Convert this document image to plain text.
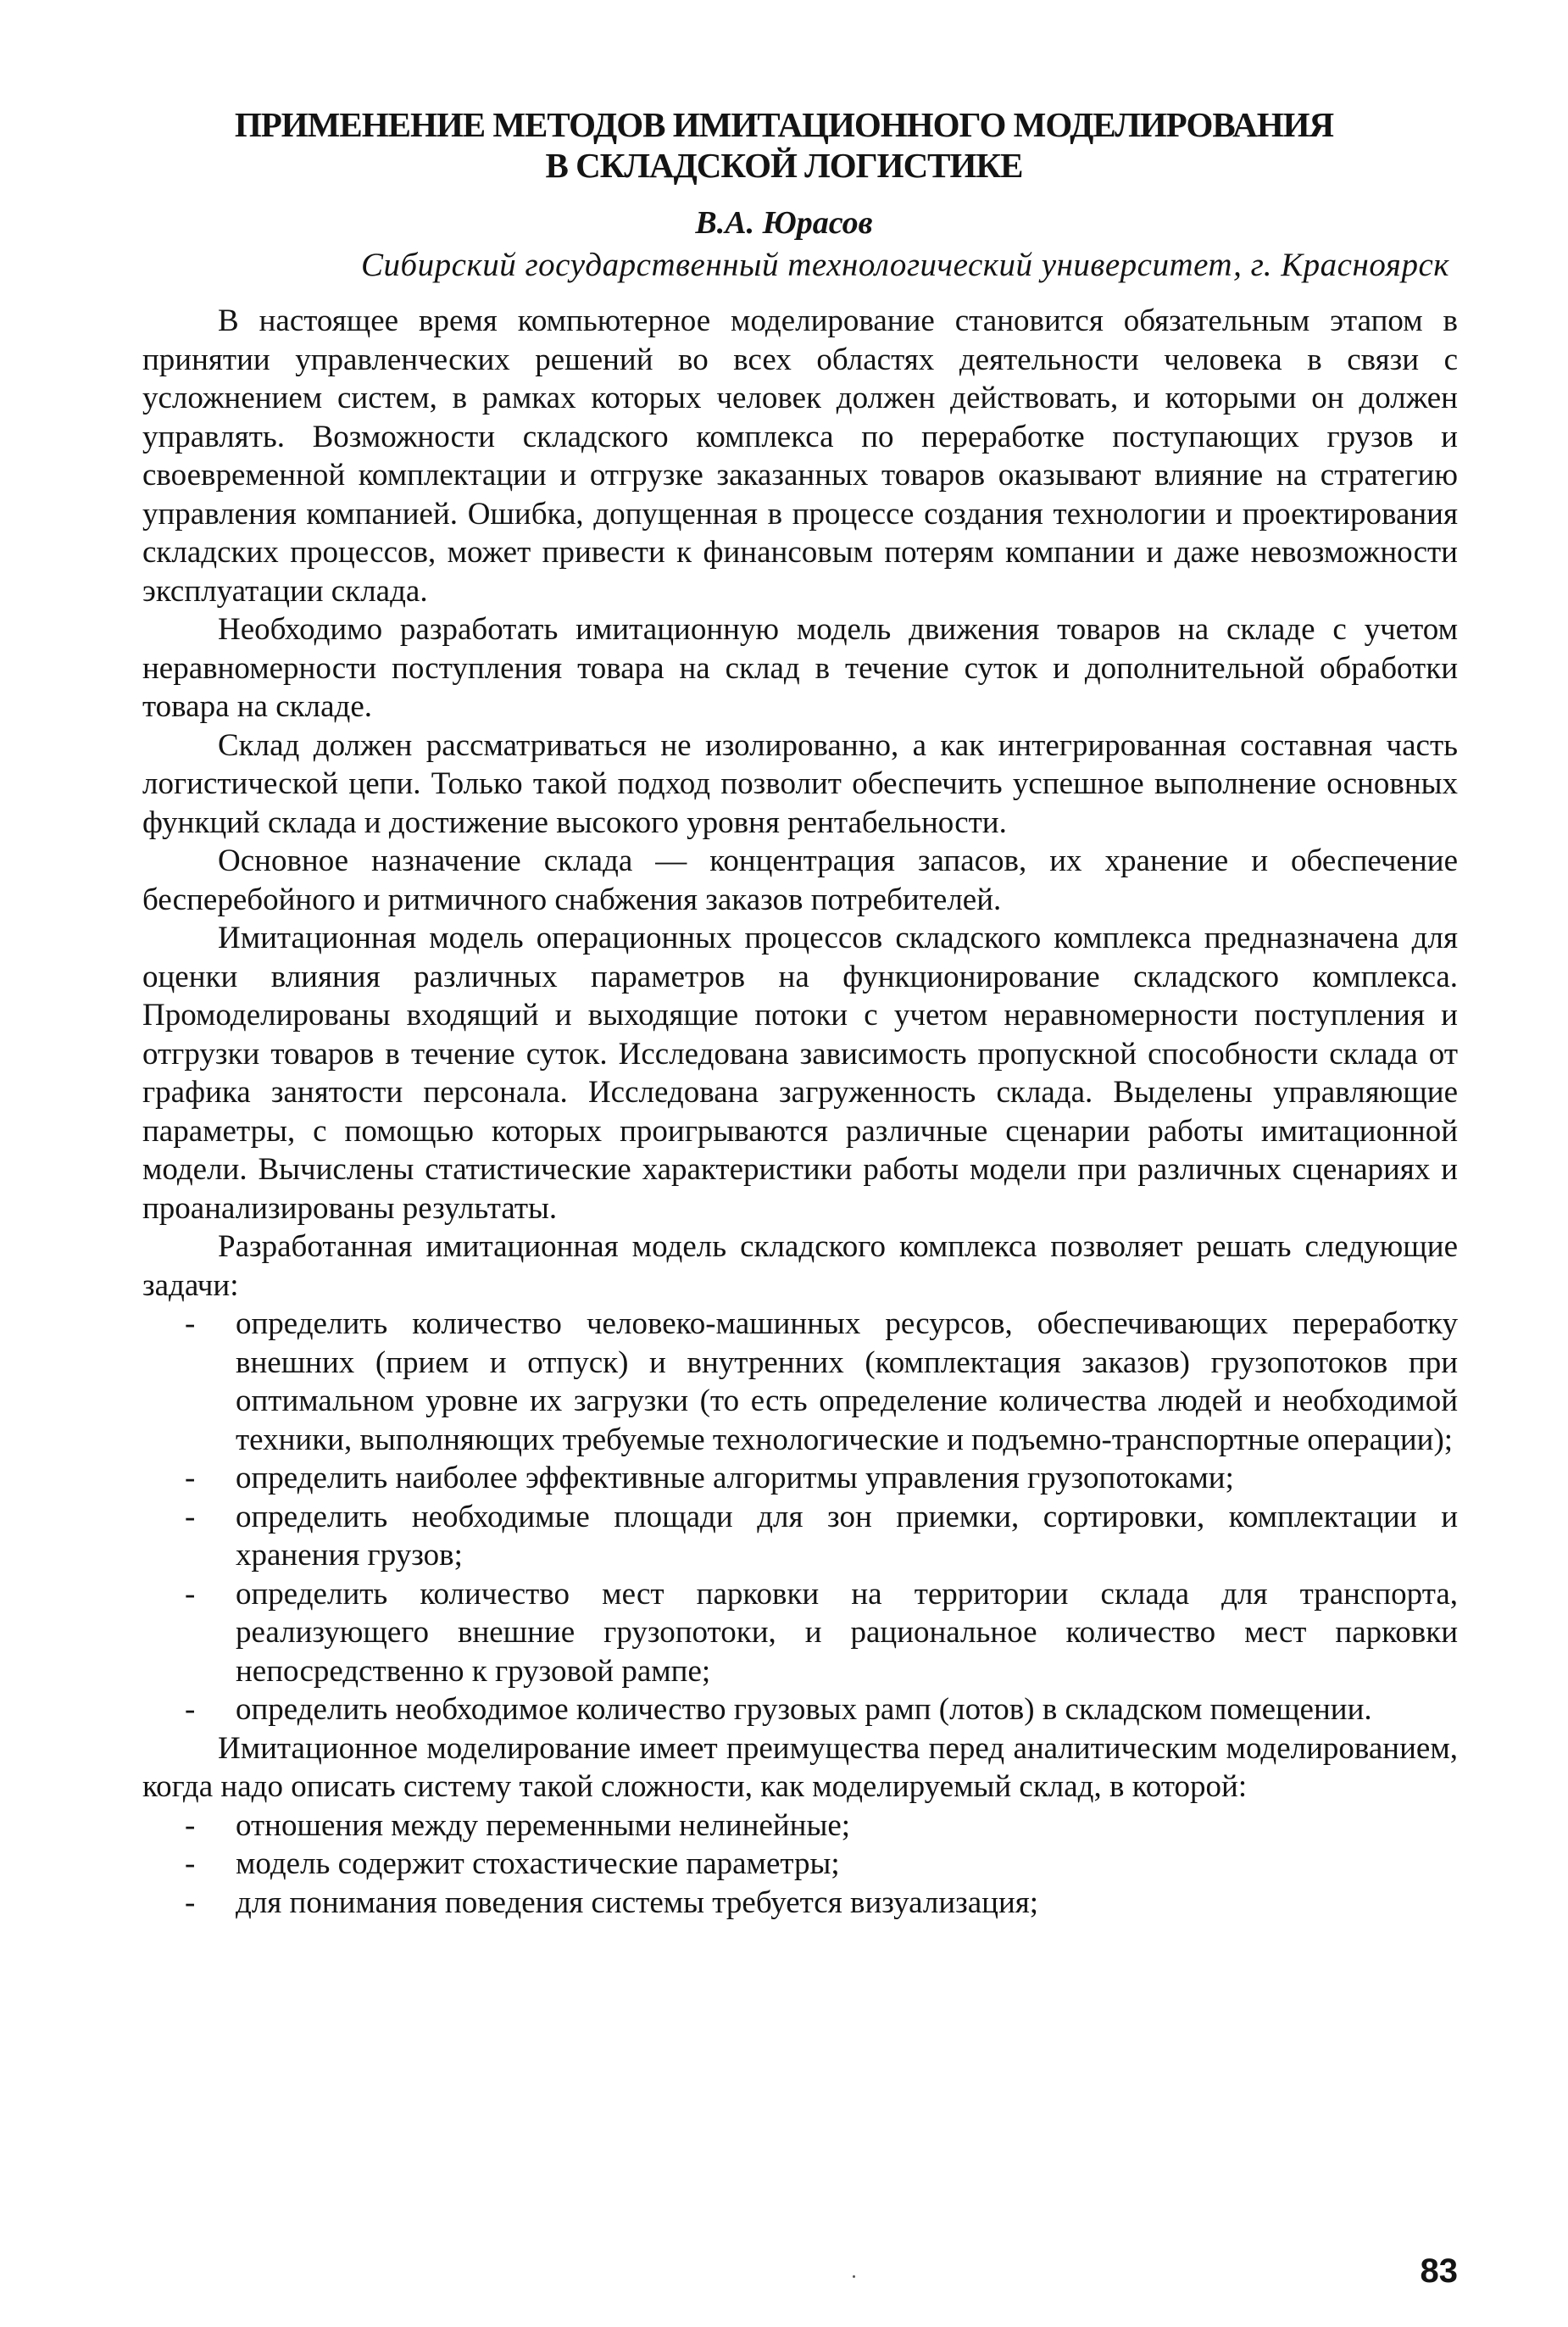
ПРИМЕНЕНИЕ МЕТОДОВ ИМИТАЦИОННОГО МОДЕЛИРОВАНИЯ
В СКЛАДСКОЙ ЛОГИСТИКЕ
В.А. Юрасов
Сибирский государственный технологический университет, г. Красноярск

В настоящее время компьютерное моделирование становится обязательным этапом в принятии управленческих решений во всех областях деятельности человека в связи с усложнением систем, в рамках которых человек должен действовать, и которыми он должен управлять. Возможности складского комплекса по переработке поступающих грузов и своевременной комплектации и отгрузке заказанных товаров оказывают влияние на стратегию управления компанией. Ошибка, допущенная в процессе создания технологии и проектирования складских процессов, может привести к финансовым потерям компании и даже невозможности эксплуатации склада.

Необходимо разработать имитационную модель движения товаров на складе с учетом неравномерности поступления товара на склад в течение суток и дополнительной обработки товара на складе.

Склад должен рассматриваться не изолированно, а как интегрированная составная часть логистической цепи. Только такой подход позволит обеспечить успешное выполнение основных функций склада и достижение высокого уровня рентабельности.

Основное назначение склада — концентрация запасов, их хранение и обеспечение бесперебойного и ритмичного снабжения заказов потребителей.

Имитационная модель операционных процессов складского комплекса предназначена для оценки влияния различных параметров на функционирование складского комплекса. Промоделированы входящий и выходящие потоки с учетом неравномерности поступления и отгрузки товаров в течение суток. Исследована зависимость пропускной способности склада от графика занятости персонала. Исследована загруженность склада. Выделены управляющие параметры, с помощью которых проигрываются различные сценарии работы имитационной модели. Вычислены статистические характеристики работы модели при различных сценариях и проанализированы результаты.

Разработанная имитационная модель складского комплекса позволяет решать следующие задачи:

- определить количество человеко-машинных ресурсов, обеспечивающих переработку внешних (прием и отпуск) и внутренних (комплектация заказов) грузопотоков при оптимальном уровне их загрузки (то есть определение количества людей и необходимой техники, выполняющих требуемые технологические и подъемно-транспортные операции);
- определить наиболее эффективные алгоритмы управления грузопотоками;
- определить необходимые площади для зон приемки, сортировки, комплектации и хранения грузов;
- определить количество мест парковки на территории склада для транспорта, реализующего внешние грузопотоки, и рациональное количество мест парковки непосредственно к грузовой рампе;
- определить необходимое количество грузовых рамп (лотов) в складском помещении.

Имитационное моделирование имеет преимущества перед аналитическим моделированием, когда надо описать систему такой сложности, как моделируемый склад, в которой:

- отношения между переменными нелинейные;
- модель содержит стохастические параметры;
- для понимания поведения системы требуется визуализация;
83
